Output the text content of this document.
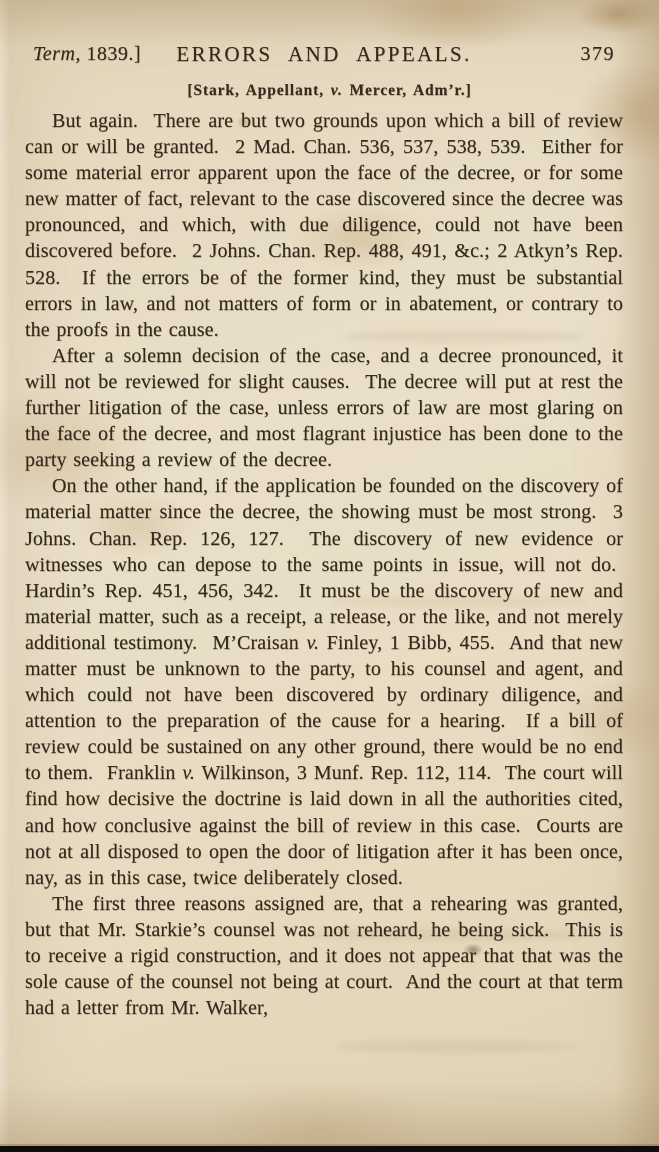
Term, 1839.] ERRORS AND APPEALS.	379
[Stark, Appellant, v. Mercer, Adm’r.]

But again.  There are but two grounds upon which a bill of review can or will be granted.  2 Mad. Chan. 536, 537, 538, 539.  Either for some material error apparent upon the face of the decree, or for some new matter of fact, relevant to the case discovered since the decree was pronounced, and which, with due diligence, could not have been discovered before.  2 Johns. Chan. Rep. 488, 491, &c.; 2 Atkyn’s Rep. 528.  If the errors be of the former kind, they must be substantial errors in law, and not matters of form or in abatement, or contrary to the proofs in the cause.

After a solemn decision of the case, and a decree pronounced, it will not be reviewed for slight causes.  The decree will put at rest the further litigation of the case, unless errors of law are most glaring on the face of the decree, and most flagrant injustice has been done to the party seeking a review of the decree.

On the other hand, if the application be founded on the discovery of material matter since the decree, the showing must be most strong.  3 Johns. Chan. Rep. 126, 127.  The discovery of new evidence or witnesses who can depose to the same points in issue, will not do.  Hardin’s Rep. 451, 456, 342.  It must be the discovery of new and material matter, such as a receipt, a release, or the like, and not merely additional testimony.  M’Craisan v. Finley, 1 Bibb, 455.  And that new matter must be unknown to the party, to his counsel and agent, and which could not have been discovered by ordinary diligence, and attention to the preparation of the cause for a hearing.  If a bill of review could be sustained on any other ground, there would be no end to them.  Franklin v. Wilkinson, 3 Munf. Rep. 112, 114.  The court will find how decisive the doctrine is laid down in all the authorities cited, and how conclusive against the bill of review in this case.  Courts are not at all disposed to open the door of litigation after it has been once, nay, as in this case, twice deliberately closed.

The first three reasons assigned are, that a rehearing was granted, but that Mr. Starkie’s counsel was not reheard, he being sick.  This is to receive a rigid construction, and it does not appear that that was the sole cause of the counsel not being at court.  And the court at that term had a letter from Mr. Walker,
